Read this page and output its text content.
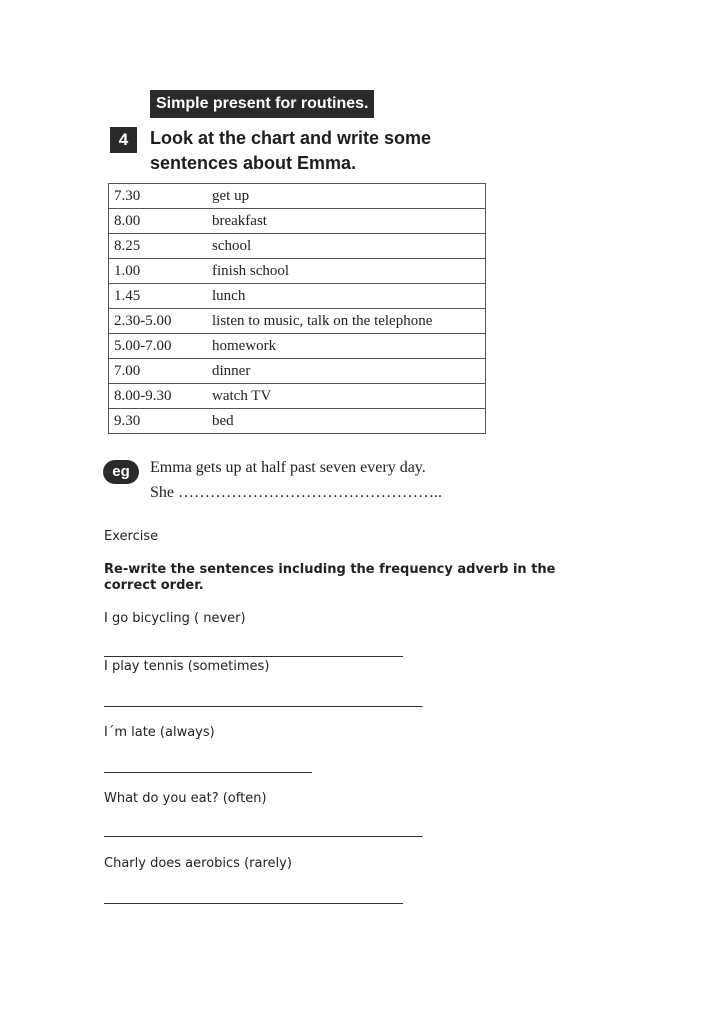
Simple present for routines.
4	Look at the chart and write some
sentences about Emma.
7.30	get up
8.00	breakfast
8.25	school
1.00	finish school
1.45	lunch
2.30-5.00	listen to music, talk on the telephone
5.00-7.00	homework
7.00	dinner
8.00-9.30	watch TV
9.30	bed
eg	Emma gets up at half past seven every day.
She …………………………………………..
Exercise
Re-write the sentences including the frequency adverb in the correct order.
I go bicycling ( never)
______________________________________________
I play tennis (sometimes)
_________________________________________________
I´m late (always)
________________________________
What do you eat? (often)
_________________________________________________
Charly does aerobics (rarely)
______________________________________________
